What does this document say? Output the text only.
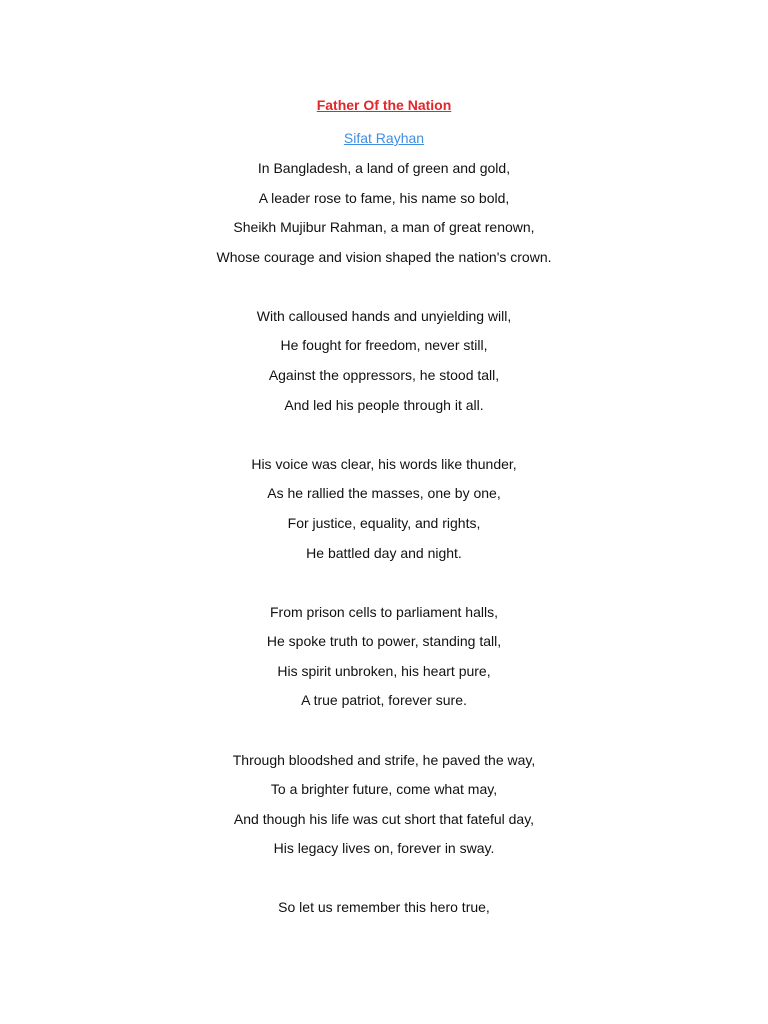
Father Of the Nation
Sifat Rayhan
In Bangladesh, a land of green and gold,
A leader rose to fame, his name so bold,
Sheikh Mujibur Rahman, a man of great renown,
Whose courage and vision shaped the nation's crown.
With calloused hands and unyielding will,
He fought for freedom, never still,
Against the oppressors, he stood tall,
And led his people through it all.
His voice was clear, his words like thunder,
As he rallied the masses, one by one,
For justice, equality, and rights,
He battled day and night.
From prison cells to parliament halls,
He spoke truth to power, standing tall,
His spirit unbroken, his heart pure,
A true patriot, forever sure.
Through bloodshed and strife, he paved the way,
To a brighter future, come what may,
And though his life was cut short that fateful day,
His legacy lives on, forever in sway.
So let us remember this hero true,
